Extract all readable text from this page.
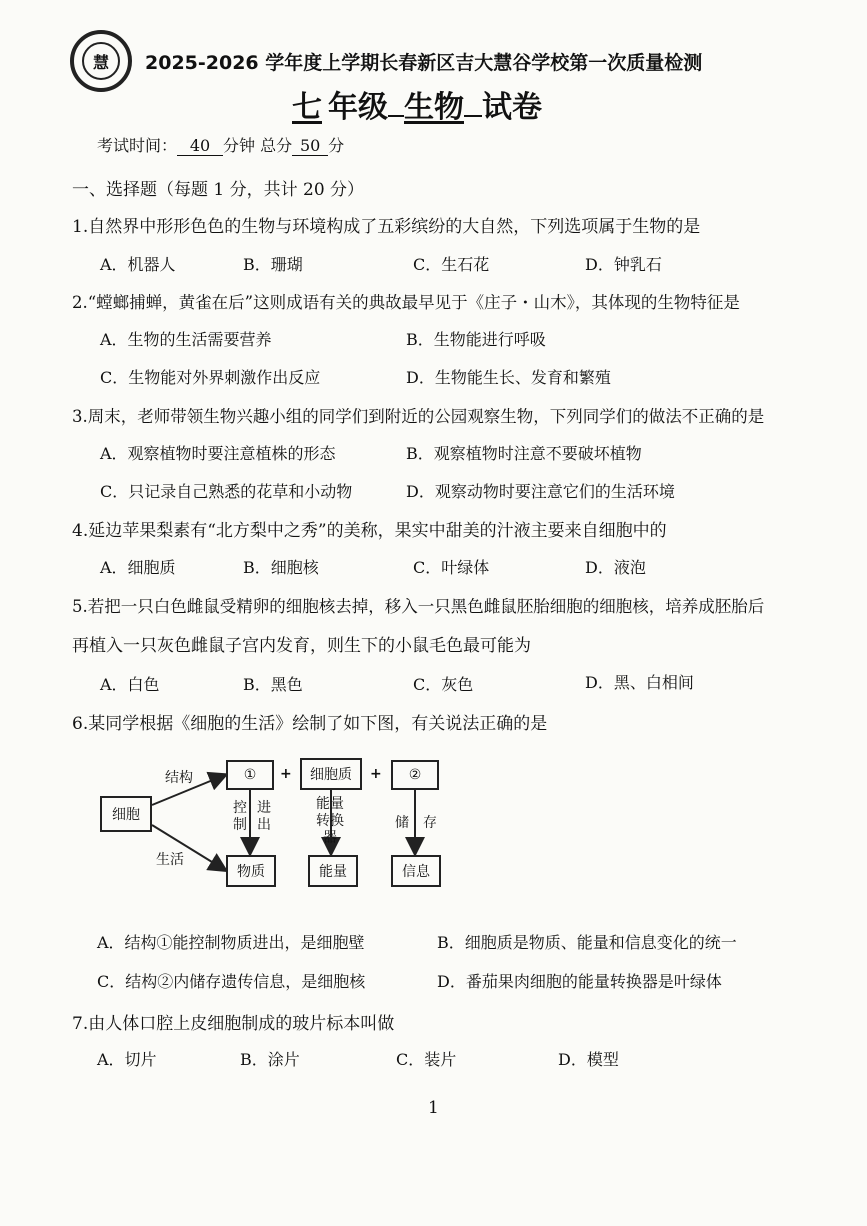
慧	2025-2026 学年度上学期长春新区吉大慧谷学校第一次质量检测
七 年级 生物 试卷
考试时间： 40 分钟 总分 50 分
一、选择题（每题 1 分，共计 20 分）
1.自然界中形形色色的生物与环境构成了五彩缤纷的大自然，下列选项属于生物的是
A．机器人	B．珊瑚	C．生石花	D．钟乳石
2.“螳螂捕蝉，黄雀在后”这则成语有关的典故最早见于《庄子・山木》，其体现的生物特征是
A．生物的生活需要营养	B．生物能进行呼吸
C．生物能对外界刺激作出反应	D．生物能生长、发育和繁殖
3.周末，老师带领生物兴趣小组的同学们到附近的公园观察生物，下列同学们的做法不正确的是
A．观察植物时要注意植株的形态	B．观察植物时注意不要破坏植物
C．只记录自己熟悉的花草和小动物	D．观察动物时要注意它们的生活环境
4.延边苹果梨素有“北方梨中之秀”的美称，果实中甜美的汁液主要来自细胞中的
A．细胞质	B．细胞核	C．叶绿体	D．液泡
5.若把一只白色雌鼠受精卵的细胞核去掉，移入一只黑色雌鼠胚胎细胞的细胞核，培养成胚胎后
再植入一只灰色雌鼠子宫内发育，则生下的小鼠毛色最可能为
A．白色	B．黑色	C．灰色	D．黑、白相间
6.某同学根据《细胞的生活》绘制了如下图，有关说法正确的是
细胞
结构
生活
①	+	细胞质	+	②
控制
进出
能量转换器
储存
物质	能量	信息
A．结构①能控制物质进出，是细胞壁	B．细胞质是物质、能量和信息变化的统一
C．结构②内储存遗传信息，是细胞核	D．番茄果肉细胞的能量转换器是叶绿体
7.由人体口腔上皮细胞制成的玻片标本叫做
A．切片	B．涂片	C．装片	D．模型
1
